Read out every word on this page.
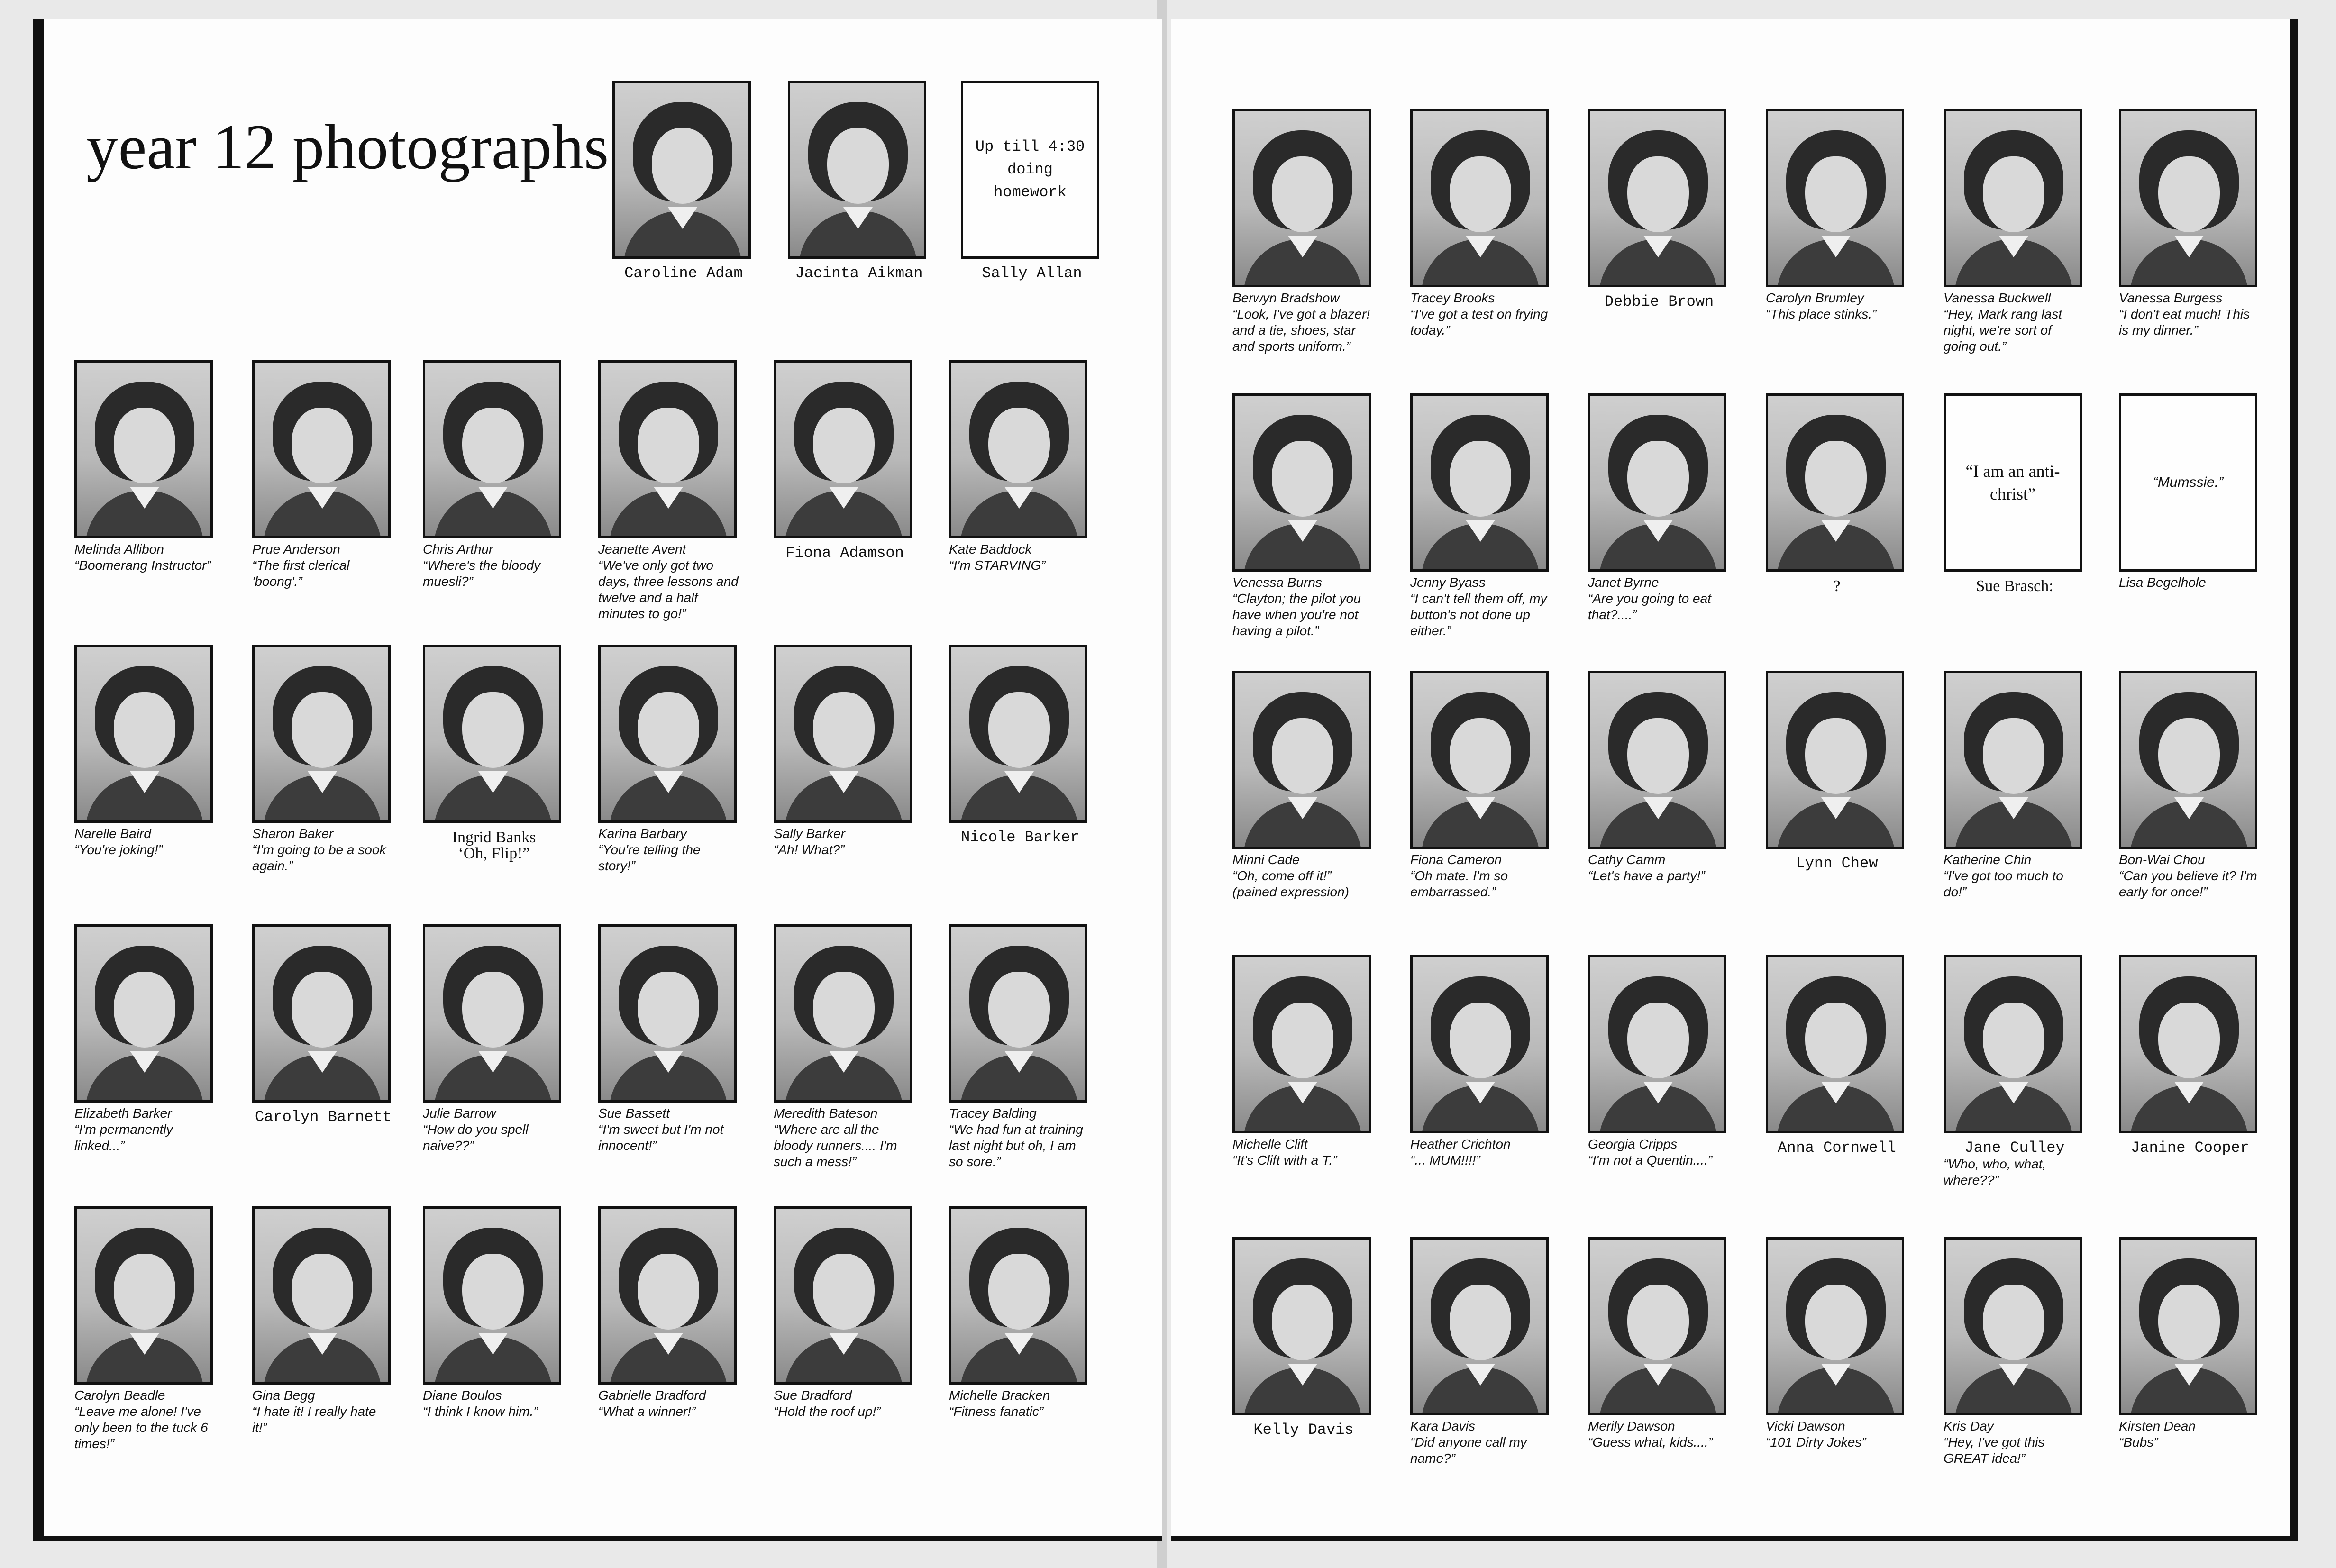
year 12 photographs
Caroline Adam	Jacinta Aikman
Up till 4:30 doing homework
Sally Allan
Melinda Allibon
“Boomerang Instructor”
Prue Anderson
“The first clerical 'boong'.”
Chris Arthur
“Where's the bloody muesli?”
Jeanette Avent
“We've only got two days, three lessons and twelve and a half minutes to go!”
Fiona Adamson	Kate Baddock
“I'm STARVING”
Narelle Baird
“You're joking!”
Sharon Baker
“I'm going to be a sook again.”
Ingrid Banks
‘Oh, Flip!”
Karina Barbary
“You're telling the story!”
Sally Barker
“Ah! What?”
Nicole Barker
Elizabeth Barker
“I'm permanently linked...”
Carolyn Barnett Julie Barrow
“How do you spell naive??”
Sue Bassett
“I'm sweet but I'm not innocent!”
Meredith Bateson
“Where are all the bloody runners.... I'm such a mess!”
Tracey Balding
“We had fun at training last night but oh, I am so sore.”
Carolyn Beadle
“Leave me alone! I've only been to the tuck 6 times!”
Gina Begg
“I hate it! I really hate it!”
Diane Boulos
“I think I know him.”
Gabrielle Bradford
“What a winner!”
Sue Bradford
“Hold the roof up!”
Michelle Bracken
“Fitness fanatic”
Berwyn Bradshow
“Look, I've got a blazer! and a tie, shoes, star and sports uniform.”
Tracey Brooks
“I've got a test on frying today.”
Debbie Brown	Carolyn Brumley
“This place stinks.”
Vanessa Buckwell
“Hey, Mark rang last night, we're sort of going out.”
Vanessa Burgess
“I don't eat much! This is my dinner.”
Venessa Burns
“Clayton; the pilot you have when you're not having a pilot.”
Jenny Byass
“I can't tell them off, my button's not done up either.”
Janet Byrne
“Are you going to eat that?....”
?
“I am an anti-christ”
Sue Brasch:
“Mumssie.”
Lisa Begelhole
Minni Cade
“Oh, come off it!” (pained expression)
Fiona Cameron
“Oh mate. I'm so embarrassed.”
Cathy Camm
“Let's have a party!”
Lynn Chew	Katherine Chin
“I've got too much to do!”
Bon-Wai Chou
“Can you believe it? I'm early for once!”
Michelle Clift
“It's Clift with a T.”
Heather Crichton
“... MUM!!!!”
Georgia Cripps
“I'm not a Quentin....”
Anna Cornwell	Jane Culley
“Who, who, what, where??”
Janine Cooper
Kelly Davis	Kara Davis
“Did anyone call my name?”
Merily Dawson
“Guess what, kids....”
Vicki Dawson
“101 Dirty Jokes”
Kris Day
“Hey, I've got this GREAT idea!”
Kirsten Dean
“Bubs”
